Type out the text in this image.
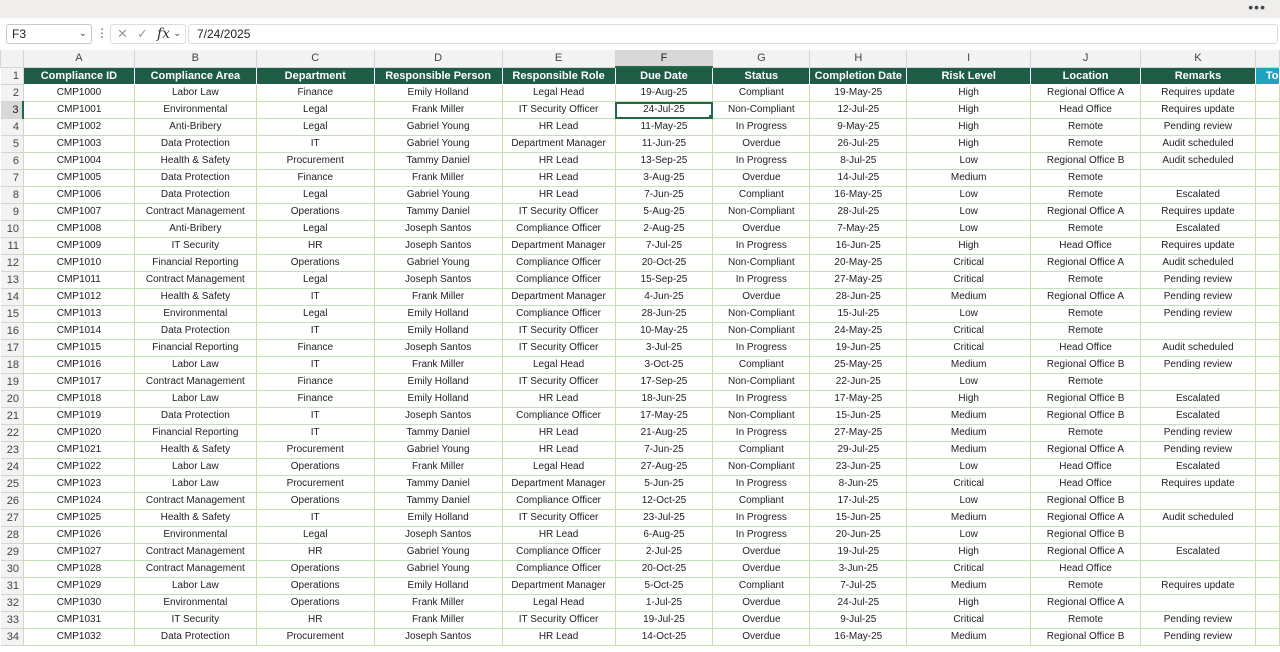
•••
F3	⌄ ⋮ ✕ ✓ fx ⌄	7/24/2025
	A	B	C	D	E	F	G	H	I	J	K	
1	Compliance ID	Compliance Area	Department	Responsible Person	Responsible Role	Due Date	Status	Completion Date	Risk Level	Location	Remarks	To
2	CMP1000	Labor Law	Finance	Emily Holland	Legal Head	19-Aug-25	Compliant	19-May-25	High	Regional Office A	Requires update	
3	CMP1001	Environmental	Legal	Frank Miller	IT Security Officer	24-Jul-25	Non-Compliant	12-Jul-25	High	Head Office	Requires update	
4	CMP1002	Anti-Bribery	Legal	Gabriel Young	HR Lead	11-May-25	In Progress	9-May-25	High	Remote	Pending review	
5	CMP1003	Data Protection	IT	Gabriel Young	Department Manager	11-Jun-25	Overdue	26-Jul-25	High	Remote	Audit scheduled	
6	CMP1004	Health & Safety	Procurement	Tammy Daniel	HR Lead	13-Sep-25	In Progress	8-Jul-25	Low	Regional Office B	Audit scheduled	
7	CMP1005	Data Protection	Finance	Frank Miller	HR Lead	3-Aug-25	Overdue	14-Jul-25	Medium	Remote		
8	CMP1006	Data Protection	Legal	Gabriel Young	HR Lead	7-Jun-25	Compliant	16-May-25	Low	Remote	Escalated	
9	CMP1007	Contract Management	Operations	Tammy Daniel	IT Security Officer	5-Aug-25	Non-Compliant	28-Jul-25	Low	Regional Office A	Requires update	
10	CMP1008	Anti-Bribery	Legal	Joseph Santos	Compliance Officer	2-Aug-25	Overdue	7-May-25	Low	Remote	Escalated	
11	CMP1009	IT Security	HR	Joseph Santos	Department Manager	7-Jul-25	In Progress	16-Jun-25	High	Head Office	Requires update	
12	CMP1010	Financial Reporting	Operations	Gabriel Young	Compliance Officer	20-Oct-25	Non-Compliant	20-May-25	Critical	Regional Office A	Audit scheduled	
13	CMP1011	Contract Management	Legal	Joseph Santos	Compliance Officer	15-Sep-25	In Progress	27-May-25	Critical	Remote	Pending review	
14	CMP1012	Health & Safety	IT	Frank Miller	Department Manager	4-Jun-25	Overdue	28-Jun-25	Medium	Regional Office A	Pending review	
15	CMP1013	Environmental	Legal	Emily Holland	Compliance Officer	28-Jun-25	Non-Compliant	15-Jul-25	Low	Remote	Pending review	
16	CMP1014	Data Protection	IT	Emily Holland	IT Security Officer	10-May-25	Non-Compliant	24-May-25	Critical	Remote		
17	CMP1015	Financial Reporting	Finance	Joseph Santos	IT Security Officer	3-Jul-25	In Progress	19-Jun-25	Critical	Head Office	Audit scheduled	
18	CMP1016	Labor Law	IT	Frank Miller	Legal Head	3-Oct-25	Compliant	25-May-25	Medium	Regional Office B	Pending review	
19	CMP1017	Contract Management	Finance	Emily Holland	IT Security Officer	17-Sep-25	Non-Compliant	22-Jun-25	Low	Remote		
20	CMP1018	Labor Law	Finance	Emily Holland	HR Lead	18-Jun-25	In Progress	17-May-25	High	Regional Office B	Escalated	
21	CMP1019	Data Protection	IT	Joseph Santos	Compliance Officer	17-May-25	Non-Compliant	15-Jun-25	Medium	Regional Office B	Escalated	
22	CMP1020	Financial Reporting	IT	Tammy Daniel	HR Lead	21-Aug-25	In Progress	27-May-25	Medium	Remote	Pending review	
23	CMP1021	Health & Safety	Procurement	Gabriel Young	HR Lead	7-Jun-25	Compliant	29-Jul-25	Medium	Regional Office A	Pending review	
24	CMP1022	Labor Law	Operations	Frank Miller	Legal Head	27-Aug-25	Non-Compliant	23-Jun-25	Low	Head Office	Escalated	
25	CMP1023	Labor Law	Procurement	Tammy Daniel	Department Manager	5-Jun-25	In Progress	8-Jun-25	Critical	Head Office	Requires update	
26	CMP1024	Contract Management	Operations	Tammy Daniel	Compliance Officer	12-Oct-25	Compliant	17-Jul-25	Low	Regional Office B		
27	CMP1025	Health & Safety	IT	Emily Holland	IT Security Officer	23-Jul-25	In Progress	15-Jun-25	Medium	Regional Office A	Audit scheduled	
28	CMP1026	Environmental	Legal	Joseph Santos	HR Lead	6-Aug-25	In Progress	20-Jun-25	Low	Regional Office B		
29	CMP1027	Contract Management	HR	Gabriel Young	Compliance Officer	2-Jul-25	Overdue	19-Jul-25	High	Regional Office A	Escalated	
30	CMP1028	Contract Management	Operations	Gabriel Young	Compliance Officer	20-Oct-25	Overdue	3-Jun-25	Critical	Head Office		
31	CMP1029	Labor Law	Operations	Emily Holland	Department Manager	5-Oct-25	Compliant	7-Jul-25	Medium	Remote	Requires update	
32	CMP1030	Environmental	Operations	Frank Miller	Legal Head	1-Jul-25	Overdue	24-Jul-25	High	Regional Office A		
33	CMP1031	IT Security	HR	Frank Miller	IT Security Officer	19-Jul-25	Overdue	9-Jul-25	Critical	Remote	Pending review	
34	CMP1032	Data Protection	Procurement	Joseph Santos	HR Lead	14-Oct-25	Overdue	16-May-25	Medium	Regional Office B	Pending review	
